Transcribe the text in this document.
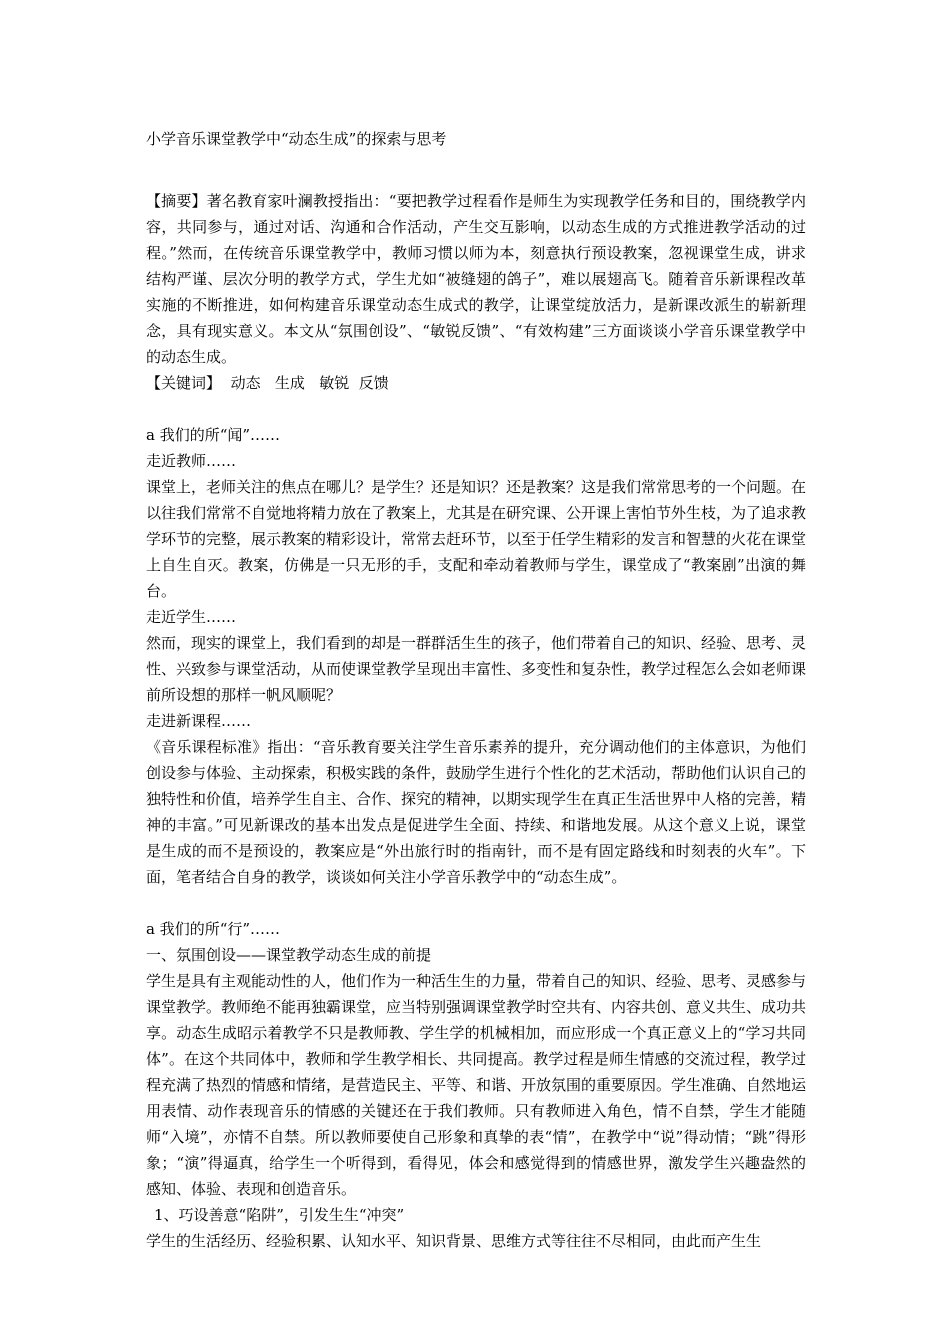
小学音乐课堂教学中“动态生成”的探索与思考

【摘要】著名教育家叶澜教授指出：“要把教学过程看作是师生为实现教学任务和目的，围绕教学内容，共同参与，通过对话、沟通和合作活动，产生交互影响，以动态生成的方式推进教学活动的过程。”然而，在传统音乐课堂教学中，教师习惯以师为本，刻意执行预设教案，忽视课堂生成，讲求结构严谨、层次分明的教学方式，学生尤如“被缝翅的鸽子”，难以展翅高飞。随着音乐新课程改革实施的不断推进，如何构建音乐课堂动态生成式的教学，让课堂绽放活力，是新课改派生的崭新理念，具有现实意义。本文从“氛围创设”、“敏锐反馈”、“有效构建”三方面谈谈小学音乐课堂教学中的动态生成。

【关键词】 动态 生成 敏锐 反馈
a 我们的所“闻”……
走近教师……

课堂上，老师关注的焦点在哪儿？是学生？还是知识？还是教案？这是我们常常思考的一个问题。在以往我们常常不自觉地将精力放在了教案上，尤其是在研究课、公开课上害怕节外生枝，为了追求教学环节的完整，展示教案的精彩设计，常常去赶环节，以至于任学生精彩的发言和智慧的火花在课堂上自生自灭。教案，仿佛是一只无形的手，支配和牵动着教师与学生，课堂成了“教案剧”出演的舞台。

走近学生……

然而，现实的课堂上，我们看到的却是一群群活生生的孩子，他们带着自己的知识、经验、思考、灵性、兴致参与课堂活动，从而使课堂教学呈现出丰富性、多变性和复杂性，教学过程怎么会如老师课前所设想的那样一帆风顺呢？

走进新课程……

《音乐课程标准》指出：“音乐教育要关注学生音乐素养的提升，充分调动他们的主体意识，为他们创设参与体验、主动探索，积极实践的条件，鼓励学生进行个性化的艺术活动，帮助他们认识自己的独特性和价值，培养学生自主、合作、探究的精神，以期实现学生在真正生活世界中人格的完善，精神的丰富。”可见新课改的基本出发点是促进学生全面、持续、和谐地发展。从这个意义上说，课堂是生成的而不是预设的，教案应是“外出旅行时的指南针，而不是有固定路线和时刻表的火车”。下面，笔者结合自身的教学，谈谈如何关注小学音乐教学中的“动态生成”。

a 我们的所“行”……
一、氛围创设——课堂教学动态生成的前提

学生是具有主观能动性的人，他们作为一种活生生的力量，带着自己的知识、经验、思考、灵感参与课堂教学。教师绝不能再独霸课堂，应当特别强调课堂教学时空共有、内容共创、意义共生、成功共享。动态生成昭示着教学不只是教师教、学生学的机械相加，而应形成一个真正意义上的“学习共同体”。在这个共同体中，教师和学生教学相长、共同提高。教学过程是师生情感的交流过程，教学过程充满了热烈的情感和情绪，是营造民主、平等、和谐、开放氛围的重要原因。学生准确、自然地运用表情、动作表现音乐的情感的关键还在于我们教师。只有教师进入角色，情不自禁，学生才能随师“入境”，亦情不自禁。所以教师要使自己形象和真挚的表“情”，在教学中“说”得动情；“跳”得形象；“演”得逼真，给学生一个听得到，看得见，体会和感觉得到的情感世界，激发学生兴趣盎然的感知、体验、表现和创造音乐。

1、巧设善意“陷阱”，引发生生“冲突”

学生的生活经历、经验积累、认知水平、知识背景、思维方式等往往不尽相同，由此而产生生
